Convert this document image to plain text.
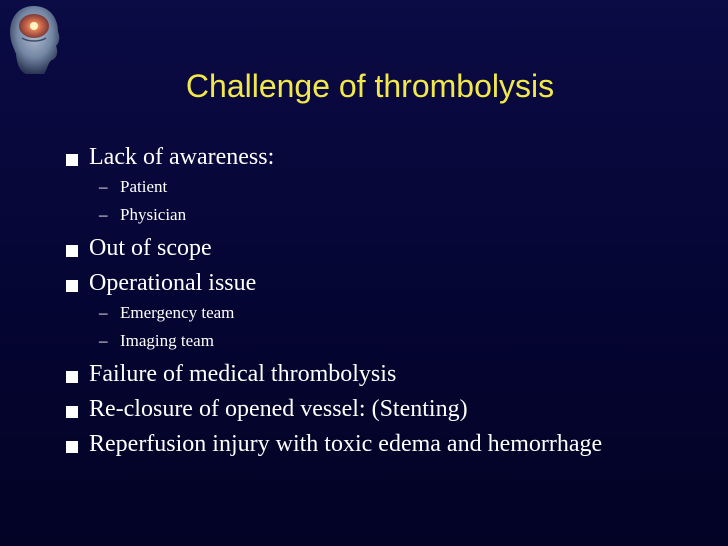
Challenge of thrombolysis
Lack of awareness:
– Patient
– Physician
Out of scope
Operational issue
– Emergency team
– Imaging team
Failure of medical thrombolysis
Re-closure of opened vessel: (Stenting)
Reperfusion injury with toxic edema and hemorrhage
